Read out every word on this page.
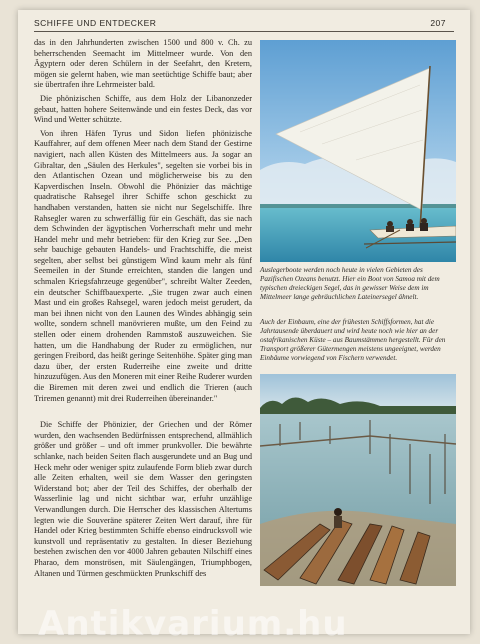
SCHIFFE UND ENTDECKER	207

das in den Jahrhunderten zwischen 1500 und 800 v. Ch. zu beherrschenden Seemacht im Mittelmeer wurde. Von den Ägyptern oder deren Schülern in der Seefahrt, den Kretern, mögen sie gelernt haben, wie man seetüchtige Schiffe baut; aber sie übertrafen ihre Lehrmeister bald.

Die phönizischen Schiffe, aus dem Holz der Libanonzeder gebaut, hatten hohere Seitenwände und ein festes Deck, das vor Wind und Wetter schützte.

Von ihren Häfen Tyrus und Sidon liefen phönizische Kauffahrer, auf dem offenen Meer nach dem Stand der Gestirne navigiert, nach allen Küsten des Mittelmeers aus. Ja sogar an Gibraltar, den „Säulen des Herkules", segelten sie vorbei bis in den Atlantischen Ozean und möglicherweise bis zu den Kapverdischen Inseln. Obwohl die Phönizier das mächtige quadratische Rahsegel ihrer Schiffe schon geschickt zu handhaben verstanden, hatten sie nicht nur Segelschiffe. Ihre Rahsegler waren zu schwerfällig für ein Geschäft, das sie nach dem Schwinden der ägyptischen Vorherrschaft mehr und mehr Handel mehr und mehr betrieben: für den Krieg zur See. „Den sehr bauchige gebauten Handels- und Frachtschiffe, die meist segelten, aber selbst bei günstigem Wind kaum mehr als fünf Seemeilen in der Stunde erreichten, standen die langen und schmalen Kriegsfahrzeuge gegenüber", schreibt Walter Zeeden, ein deutscher Schiffbauexperte. „Sie trugen zwar auch einen Mast und ein großes Rahsegel, waren jedoch meist gerudert, da man bei ihnen nicht von den Launen des Windes abhängig sein wollte, sondern schnell manövrieren mußte, um den Feind zu stellen oder einem drohenden Rammstoß auszuweichen. Sie hatten, um die Handhabung der Ruder zu ermöglichen, nur geringen Freibord, das heißt geringe Seitenhöhe. Später ging man dazu über, der ersten Ruderreihe eine zweite und dritte hinzuzufügen. Aus den Moneren mit einer Reihe Ruderer wurden die Biremen mit deren zwei und endlich die Trieren (auch Triremen genannt) mit drei Ruderreihen übereinander."

Die Schiffe der Phönizier, der Griechen und der Römer wurden, den wachsenden Bedürfnissen entsprechend, allmählich größer und größer – und oft immer prunkvoller. Die bewährte schlanke, nach beiden Seiten flach ausgerundete und an Bug und Heck mehr oder weniger spitz zulaufende Form blieb zwar durch alle Zeiten erhalten, weil sie dem Wasser den geringsten Widerstand bot; aber der Teil des Schiffes, der oberhalb der Wasserlinie lag und nicht sichtbar war, erfuhr unzählige Verwandlungen durch. Die Herrscher des klassischen Altertums legten wie die Souveräne späterer Zeiten Wert darauf, ihre für Handel oder Krieg bestimmten Schiffe ebenso eindrucksvoll wie kunstvoll und repräsentativ zu gestalten. In dieser Beziehung bestehen zwischen den vor 4000 Jahren gebauten Nilschiff eines Pharao, dem monströsen, mit Säulengängen, Triumphbogen, Altanen und Türmen geschmückten Prunkschiff des

Auslegerboote werden noch heute in vielen Gebieten des Pazifischen Ozeans benutzt. Hier ein Boot von Samoa mit dem typischen dreieckigen Segel, das in gewisser Weise dem im Mittelmeer lange gebräuchlichen Lateinersegel ähnelt.
Auch der Einbaum, eine der frühesten Schiffsformen, hat die Jahrtausende überdauert und wird heute noch wie hier an der ostafrikanischen Küste – aus Baumstämmen hergestellt. Für den Transport größerer Gütermengen meistens ungeeignet, werden Einbäume vorwiegend von Fischern verwendet.
Antikvarium.hu
